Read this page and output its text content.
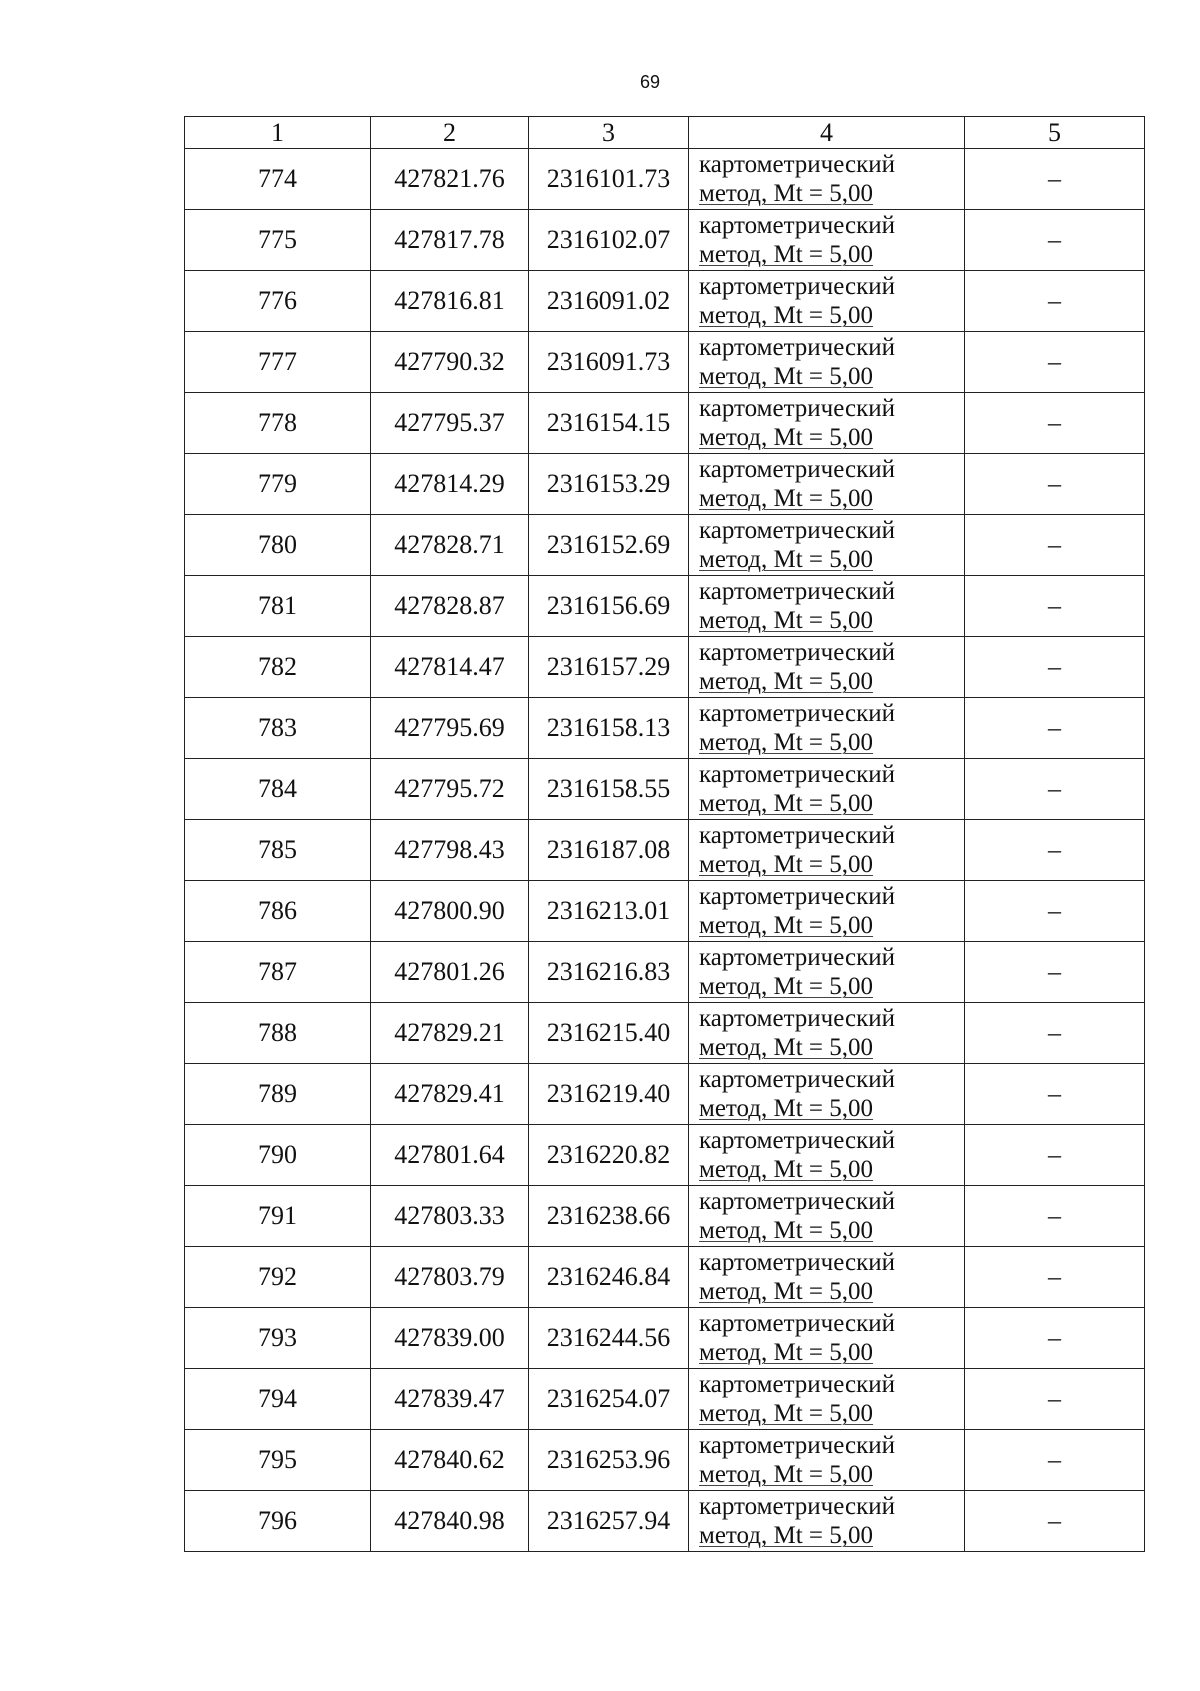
69
1	2	3	4	5
774	427821.76	2316101.73	картометрический
метод, Mt = 5,00	–
775	427817.78	2316102.07	картометрический
метод, Mt = 5,00	–
776	427816.81	2316091.02	картометрический
метод, Mt = 5,00	–
777	427790.32	2316091.73	картометрический
метод, Mt = 5,00	–
778	427795.37	2316154.15	картометрический
метод, Mt = 5,00	–
779	427814.29	2316153.29	картометрический
метод, Mt = 5,00	–
780	427828.71	2316152.69	картометрический
метод, Mt = 5,00	–
781	427828.87	2316156.69	картометрический
метод, Mt = 5,00	–
782	427814.47	2316157.29	картометрический
метод, Mt = 5,00	–
783	427795.69	2316158.13	картометрический
метод, Mt = 5,00	–
784	427795.72	2316158.55	картометрический
метод, Mt = 5,00	–
785	427798.43	2316187.08	картометрический
метод, Mt = 5,00	–
786	427800.90	2316213.01	картометрический
метод, Mt = 5,00	–
787	427801.26	2316216.83	картометрический
метод, Mt = 5,00	–
788	427829.21	2316215.40	картометрический
метод, Mt = 5,00	–
789	427829.41	2316219.40	картометрический
метод, Mt = 5,00	–
790	427801.64	2316220.82	картометрический
метод, Mt = 5,00	–
791	427803.33	2316238.66	картометрический
метод, Mt = 5,00	–
792	427803.79	2316246.84	картометрический
метод, Mt = 5,00	–
793	427839.00	2316244.56	картометрический
метод, Mt = 5,00	–
794	427839.47	2316254.07	картометрический
метод, Mt = 5,00	–
795	427840.62	2316253.96	картометрический
метод, Mt = 5,00	–
796	427840.98	2316257.94	картометрический
метод, Mt = 5,00	–
